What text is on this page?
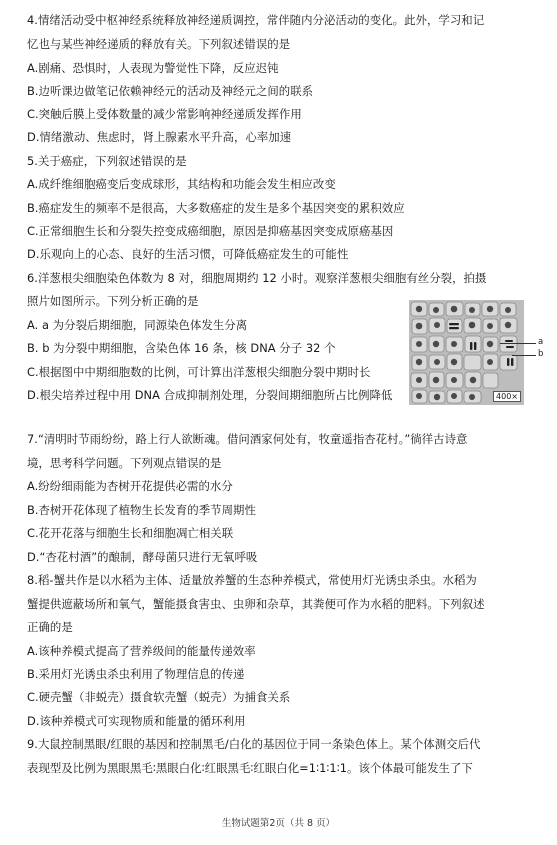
4.情绪活动受中枢神经系统释放神经递质调控，常伴随内分泌活动的变化。此外，学习和记
忆也与某些神经递质的释放有关。下列叙述错误的是
A.剧痛、恐惧时，人表现为警觉性下降，反应迟钝
B.边听课边做笔记依赖神经元的活动及神经元之间的联系
C.突触后膜上受体数量的减少常影响神经递质发挥作用
D.情绪激动、焦虑时，肾上腺素水平升高，心率加速
5.关于癌症，下列叙述错误的是
A.成纤维细胞癌变后变成球形，其结构和功能会发生相应改变
B.癌症发生的频率不是很高，大多数癌症的发生是多个基因突变的累积效应
C.正常细胞生长和分裂失控变成癌细胞，原因是抑癌基因突变成原癌基因
D.乐观向上的心态、良好的生活习惯，可降低癌症发生的可能性
6.洋葱根尖细胞染色体数为 8 对，细胞周期约 12 小时。观察洋葱根尖细胞有丝分裂，拍摄
照片如图所示。下列分析正确的是
A. a 为分裂后期细胞，同源染色体发生分离
B. b 为分裂中期细胞，含染色体 16 条，核 DNA 分子 32 个
C.根据图中中期细胞数的比例，可计算出洋葱根尖细胞分裂中期时长
D.根尖培养过程中用 DNA 合成抑制剂处理，分裂间期细胞所占比例降低
7.“清明时节雨纷纷，路上行人欲断魂。借问酒家何处有，牧童遥指杏花村。”徜徉古诗意
境，思考科学问题。下列观点错误的是
A.纷纷细雨能为杏树开花提供必需的水分
B.杏树开花体现了植物生长发育的季节周期性
C.花开花落与细胞生长和细胞凋亡相关联
D.“杏花村酒”的酿制，酵母菌只进行无氧呼吸
8.稻-蟹共作是以水稻为主体、适量放养蟹的生态种养模式，常使用灯光诱虫杀虫。水稻为
蟹提供遮蔽场所和氧气，蟹能摄食害虫、虫卵和杂草，其粪便可作为水稻的肥料。下列叙述
正确的是
A.该种养模式提高了营养级间的能量传递效率
B.采用灯光诱虫杀虫利用了物理信息的传递
C.硬壳蟹（非蜕壳）摄食软壳蟹（蜕壳）为捕食关系
D.该种养模式可实现物质和能量的循环利用
9.大鼠控制黑眼/红眼的基因和控制黑毛/白化的基因位于同一条染色体上。某个体测交后代
表现型及比例为黑眼黑毛∶黑眼白化∶红眼黑毛∶红眼白化=1∶1∶1∶1。该个体最可能发生了下
400×
a
b
生物试题第2页（共 8 页）
